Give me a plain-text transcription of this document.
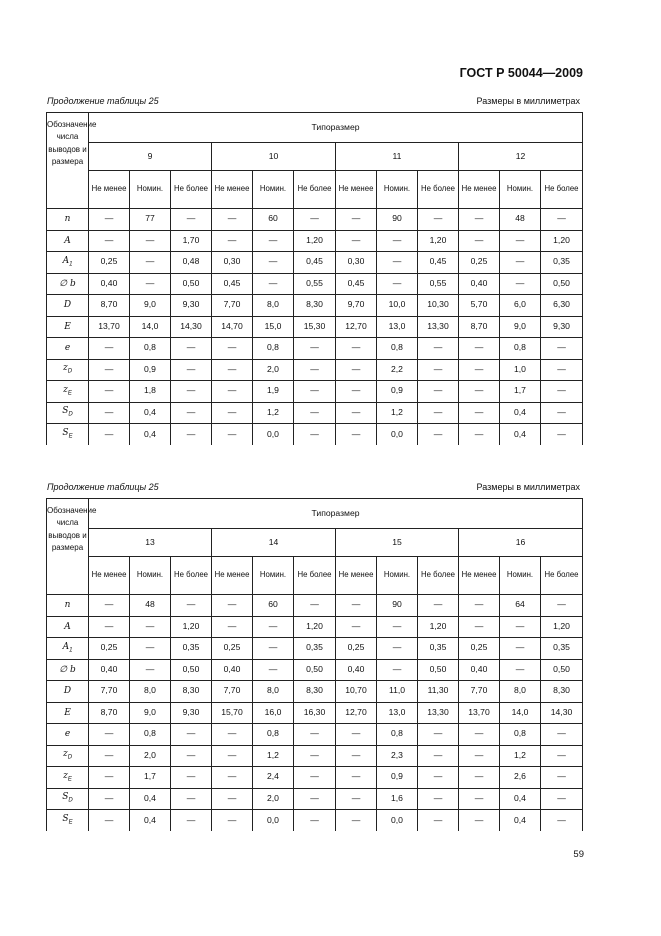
ГОСТ Р 50044—2009
Продолжение таблицы 25	Размеры в миллиметрах
Обозначение числа выводов и размера	Типоразмер											
	9			10			11			12		
	Не менее	Номин.	Не более	Не менее	Номин.	Не более	Не менее	Номин.	Не более	Не менее	Номин.	Не более
n	—	77	—	—	60	—	—	90	—	—	48	—
A	—	—	1,70	—	—	1,20	—	—	1,20	—	—	1,20
$A_1$	0,25	—	0,48	0,30	—	0,45	0,30	—	0,45	0,25	—	0,35
∅ b	0,40	—	0,50	0,45	—	0,55	0,45	—	0,55	0,40	—	0,50
D	8,70	9,0	9,30	7,70	8,0	8,30	9,70	10,0	10,30	5,70	6,0	6,30
E	13,70	14,0	14,30	14,70	15,0	15,30	12,70	13,0	13,30	8,70	9,0	9,30
e	—	0,8	—	—	0,8	—	—	0,8	—	—	0,8	—
$z_D$	—	0,9	—	—	2,0	—	—	2,2	—	—	1,0	—
$z_E$	—	1,8	—	—	1,9	—	—	0,9	—	—	1,7	—
$S_D$	—	0,4	—	—	1,2	—	—	1,2	—	—	0,4	—
$S_E$	—	0,4	—	—	0,0	—	—	0,0	—	—	0,4	—
Продолжение таблицы 25	Размеры в миллиметрах
Обозначение числа выводов и размера	Типоразмер											
	13			14			15			16		
	Не менее	Номин.	Не более	Не менее	Номин.	Не более	Не менее	Номин.	Не более	Не менее	Номин.	Не более
n	—	48	—	—	60	—	—	90	—	—	64	—
A	—	—	1,20	—	—	1,20	—	—	1,20	—	—	1,20
$A_1$	0,25	—	0,35	0,25	—	0,35	0,25	—	0,35	0,25	—	0,35
∅ b	0,40	—	0,50	0,40	—	0,50	0,40	—	0,50	0,40	—	0,50
D	7,70	8,0	8,30	7,70	8,0	8,30	10,70	11,0	11,30	7,70	8,0	8,30
E	8,70	9,0	9,30	15,70	16,0	16,30	12,70	13,0	13,30	13,70	14,0	14,30
e	—	0,8	—	—	0,8	—	—	0,8	—	—	0,8	—
$z_D$	—	2,0	—	—	1,2	—	—	2,3	—	—	1,2	—
$z_E$	—	1,7	—	—	2,4	—	—	0,9	—	—	2,6	—
$S_D$	—	0,4	—	—	2,0	—	—	1,6	—	—	0,4	—
$S_E$	—	0,4	—	—	0,0	—	—	0,0	—	—	0,4	—
59
